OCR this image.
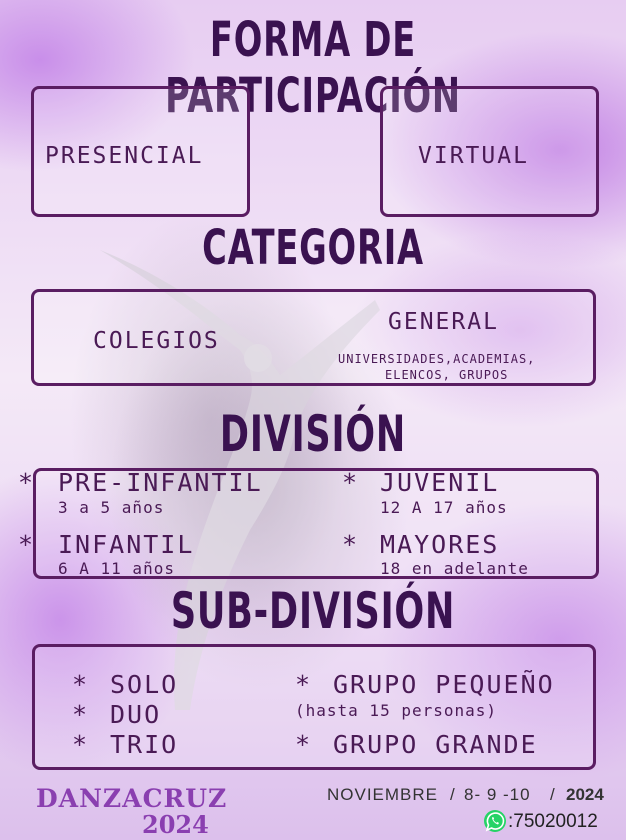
FORMA DE PARTICIPACIÓN
PRESENCIAL	VIRTUAL
CATEGORIA
COLEGIOS
GENERAL
UNIVERSIDADES,ACADEMIAS,
ELENCOS, GRUPOS
DIVISIÓN
* PRE-INFANTIL
3 a 5 años
* JUVENIL
12 A 17 años
* INFANTIL
6 A 11 años
* MAYORES
18 en adelante
SUB-DIVISIÓN
* SOLO
* DUO
* TRIO
* GRUPO PEQUEÑO
(hasta 15 personas)
* GRUPO GRANDE
DANZACRUZ
2024
NOVIEMBRE / 8- 9 -10 / 2024
:75020012
